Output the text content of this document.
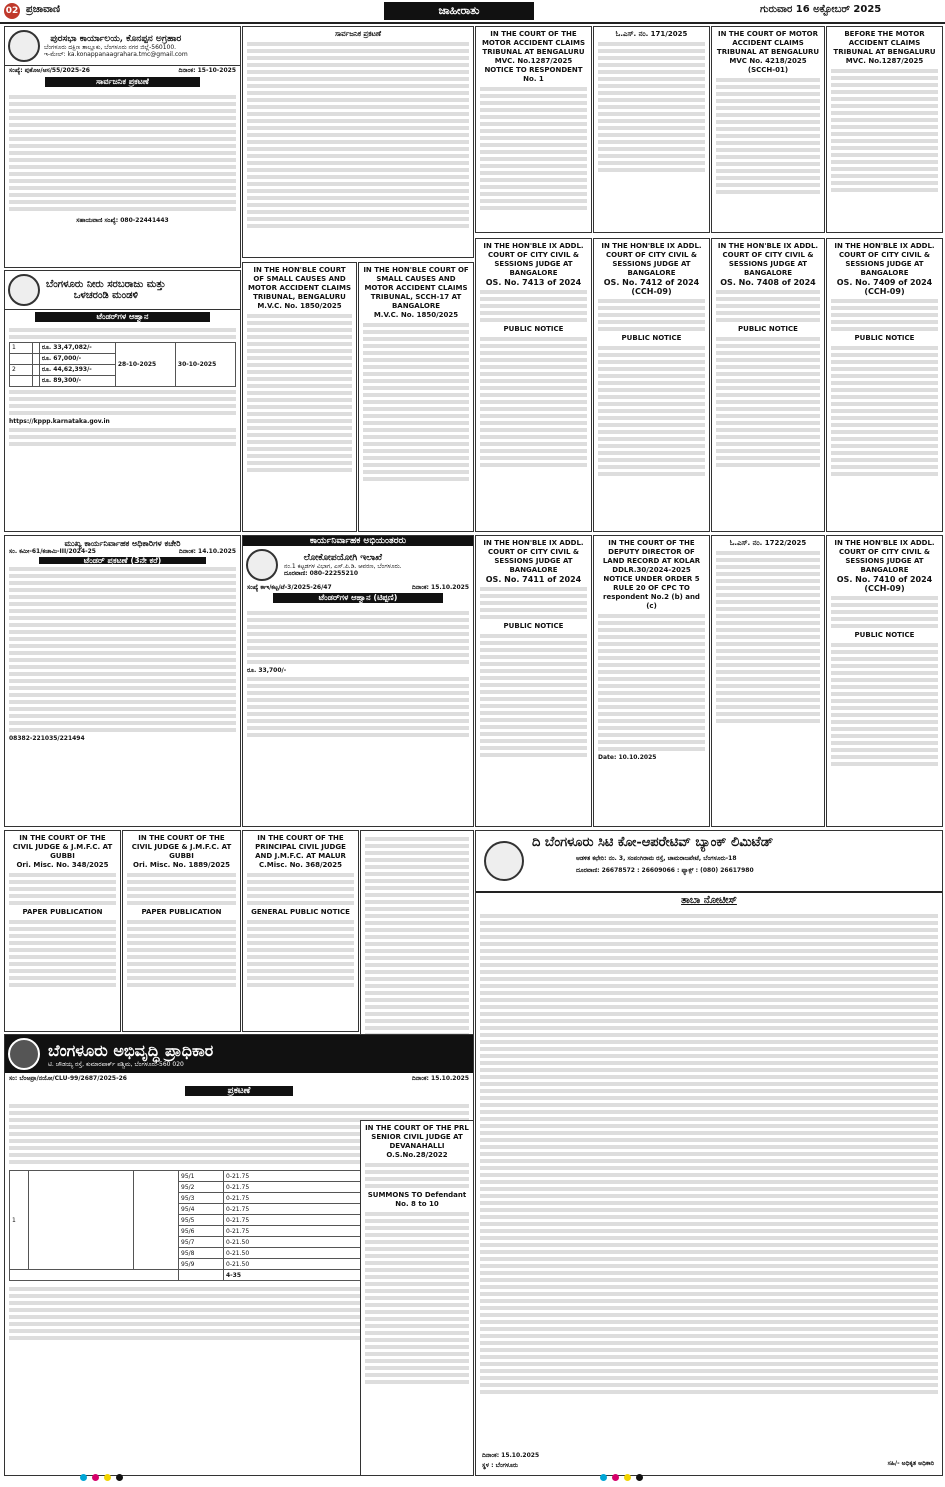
02 ಪ್ರಜಾವಾಣಿ	ಜಾಹೀರಾತು	ಗುರುವಾರ 16 ಅಕ್ಟೋಬರ್ 2025
ಪುರಸಭಾ ಕಾರ್ಯಾಲಯ, ಕೊನಪ್ಪನ ಅಗ್ರಹಾರ
ಬೆಂಗಳೂರು ದಕ್ಷಿಣ ತಾಲ್ಲೂಕು, ಬೆಂಗಳೂರು ನಗರ ಜಿಲ್ಲೆ-560100.
ಇ-ಮೇಲ್: ka.konappanaagrahara.tmc@gmail.com
ಸಂಖ್ಯೆ: ಪುಕೊಅ/ಆಸ/55/2025-26	ದಿನಾಂಕ: 15-10-2025
ಸಾರ್ವಜನಿಕ ಪ್ರಕಟಣೆ
ಸಹಾಯವಾಣಿ ಸಂಖ್ಯೆ: 080-22441443
ಸಾರ್ವಜನಿಕ ಪ್ರಕಟಣೆ	IN THE COURT OF THE MOTOR ACCIDENT CLAIMS TRIBUNAL AT BENGALURU
MVC. No.1287/2025
NOTICE TO RESPONDENT No. 1
ಓ.ಎಸ್. ನಂ. 171/2025	IN THE COURT OF MOTOR ACCIDENT CLAIMS TRIBUNAL AT BENGALURU
MVC No. 4218/2025 (SCCH-01)
BEFORE THE MOTOR ACCIDENT CLAIMS TRIBUNAL AT BENGALURU
MVC. No.1287/2025
ಬೆಂಗಳೂರು ನೀರು ಸರಬರಾಜು ಮತ್ತು
ಒಳಚರಂಡಿ ಮಂಡಳಿ
ಟೆಂಡರ್‌ಗಳ ಆಹ್ವಾನ
1		ರೂ. 33,47,082/-	28-10-2025	30-10-2025
		ರೂ. 67,000/-		
2		ರೂ. 44,62,393/-		
		ರೂ. 89,300/-		
https://kppp.karnataka.gov.in
IN THE HON'BLE COURT OF SMALL CAUSES AND MOTOR ACCIDENT CLAIMS TRIBUNAL, BENGALURU
M.V.C. No. 1850/2025
IN THE HON'BLE COURT OF SMALL CAUSES AND MOTOR ACCIDENT CLAIMS TRIBUNAL, SCCH-17 AT BANGALORE
M.V.C. No. 1850/2025
IN THE HON'BLE IX ADDL. COURT OF CITY CIVIL & SESSIONS JUDGE AT BANGALORE
OS. No. 7413 of 2024
PUBLIC NOTICE
IN THE HON'BLE IX ADDL. COURT OF CITY CIVIL & SESSIONS JUDGE AT BANGALORE
OS. No. 7412 of 2024 (CCH-09)
PUBLIC NOTICE
IN THE HON'BLE IX ADDL. COURT OF CITY CIVIL & SESSIONS JUDGE AT BANGALORE
OS. No. 7408 of 2024
PUBLIC NOTICE
IN THE HON'BLE IX ADDL. COURT OF CITY CIVIL & SESSIONS JUDGE AT BANGALORE
OS. No. 7409 of 2024 (CCH-09)
PUBLIC NOTICE
ಮುಖ್ಯ ಕಾರ್ಯನಿರ್ವಾಹಕ ಅಧಿಕಾರಿಗಳ ಕಚೇರಿ
ಸಂ. ಕಮೀ-61/ಕಚಾಮಿ-III/2024-25	ದಿನಾಂಕ: 14.10.2025
ಟೆಂಡರ್ ಪ್ರಕಟಣೆ (3ನೇ ಕರೆ)
08382-221035/221494
ಕಾರ್ಯನಿರ್ವಾಹಕ ಅಭಿಯಂತರರು
ಲೋಕೋಪಯೋಗಿ ಇಲಾಖೆ
ನಂ.1 ಕಟ್ಟಡಗಳ ವಿಭಾಗ, ಎಸ್.ಪಿ.ಡಿ. ಆವರಣ, ಬೆಂಗಳೂರು.
ದೂರವಾಣಿ: 080-22255210
ಸಂಖ್ಯೆ ಕಾಇ/ಕಟ್ಟ/ಟೆ-3/2025-26/47	ದಿನಾಂಕ: 15.10.2025
ಟೆಂಡರ್‌ಗಳ ಆಹ್ವಾನ (ಟಿಪ್ಪಣಿ)
ರೂ. 33,700/-
IN THE HON'BLE IX ADDL. COURT OF CITY CIVIL & SESSIONS JUDGE AT BANGALORE
OS. No. 7411 of 2024
PUBLIC NOTICE
IN THE COURT OF THE DEPUTY DIRECTOR OF LAND RECORD AT KOLAR
DDLR.30/2024-2025
NOTICE UNDER ORDER 5 RULE 20 OF CPC TO respondent No.2 (b) and (c)
Date: 10.10.2025
ಓ.ಎಸ್. ನಂ. 1722/2025	IN THE HON'BLE IX ADDL. COURT OF CITY CIVIL & SESSIONS JUDGE AT BANGALORE
OS. No. 7410 of 2024 (CCH-09)
PUBLIC NOTICE
IN THE COURT OF THE CIVIL JUDGE & J.M.F.C. AT GUBBI
Ori. Misc. No. 348/2025
PAPER PUBLICATION
IN THE COURT OF THE CIVIL JUDGE & J.M.F.C. AT GUBBI
Ori. Misc. No. 1889/2025
PAPER PUBLICATION
IN THE COURT OF THE PRINCIPAL CIVIL JUDGE AND J.M.F.C. AT MALUR
C.Misc. No. 368/2025
GENERAL PUBLIC NOTICE
ಬೆಂಗಳೂರು ಅಭಿವೃದ್ಧಿ ಪ್ರಾಧಿಕಾರ
ಟಿ. ಚೌಡಯ್ಯ ರಸ್ತೆ, ಕುಮಾರಪಾರ್ಕ್ ಪಶ್ಚಿಮ, ಬೆಂಗಳೂರು-560 020
ಸಂ: ಬೆಂಅಪ್ರಾ/ನಯೋ/CLU-99/2687/2025-26	ದಿನಾಂಕ: 15.10.2025
ಪ್ರಕಟಣೆ
1			95/1	0-21.75		
			95/2	0-21.75		
			95/3	0-21.75		
			95/4	0-21.75		
			95/5	0-21.75		
			95/6	0-21.75		
			95/7	0-21.50		
			95/8	0-21.50		
			95/9	0-21.50		
				4-35		
IN THE COURT OF THE PRL SENIOR CIVIL JUDGE AT DEVANAHALLI
O.S.No.28/2022
SUMMONS TO Defendant No. 8 to 10
ದಿ ಬೆಂಗಳೂರು ಸಿಟಿ ಕೋ-ಆಪರೇಟಿವ್ ಬ್ಯಾಂಕ್ ಲಿಮಿಟೆಡ್
ಆಡಳಿತ ಕಛೇರಿ: ನಂ. 3, ಸಂಪಂಗಿರಾಮ ರಸ್ತೆ, ಚಾಮರಾಜಪೇಟೆ, ಬೆಂಗಳೂರು-18
ದೂರವಾಣಿ: 26678572 : 26609066 : ಫ್ಯಾಕ್ಸ್ : (080) 26617980
ತಾಬಾ ನೋಟೀಸ್
ದಿನಾಂಕ: 15.10.2025
ಸ್ಥಳ : ಬೆಂಗಳೂರು	ಸಹಿ/- ಅಧಿಕೃತ ಅಧಿಕಾರಿ
